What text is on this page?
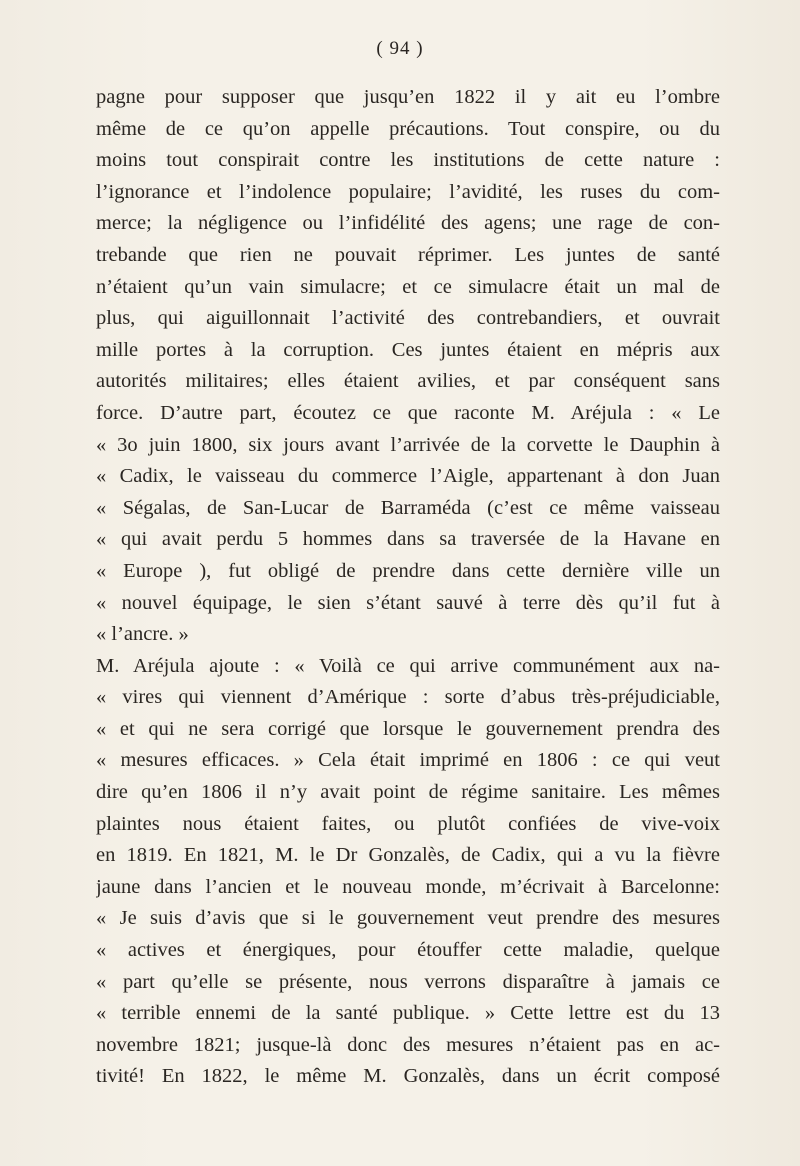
( 94 )
pagne pour supposer que jusqu’en 1822 il y ait eu l’ombre
même de ce qu’on appelle précautions. Tout conspire, ou du
moins tout conspirait contre les institutions de cette nature :
l’ignorance et l’indolence populaire; l’avidité, les ruses du com-
merce; la négligence ou l’infidélité des agens; une rage de con-
trebande que rien ne pouvait réprimer. Les juntes de santé
n’étaient qu’un vain simulacre; et ce simulacre était un mal de
plus, qui aiguillonnait l’activité des contrebandiers, et ouvrait
mille portes à la corruption. Ces juntes étaient en mépris aux
autorités militaires; elles étaient avilies, et par conséquent sans
force. D’autre part, écoutez ce que raconte M. Aréjula : « Le
« 3o juin 1800, six jours avant l’arrivée de la corvette le Dauphin à
« Cadix, le vaisseau du commerce l’Aigle, appartenant à don Juan
« Ségalas, de San-Lucar de Barraméda (c’est ce même vaisseau
« qui avait perdu 5 hommes dans sa traversée de la Havane en
« Europe ), fut obligé de prendre dans cette dernière ville un
« nouvel équipage, le sien s’étant sauvé à terre dès qu’il fut à
« l’ancre. »
M. Aréjula ajoute : « Voilà ce qui arrive communément aux na-
« vires qui viennent d’Amérique : sorte d’abus très-préjudiciable,
« et qui ne sera corrigé que lorsque le gouvernement prendra des
« mesures efficaces. » Cela était imprimé en 1806 : ce qui veut
dire qu’en 1806 il n’y avait point de régime sanitaire. Les mêmes
plaintes nous étaient faites, ou plutôt confiées de vive-voix
en 1819. En 1821, M. le Dr Gonzalès, de Cadix, qui a vu la fièvre
jaune dans l’ancien et le nouveau monde, m’écrivait à Barcelonne:
« Je suis d’avis que si le gouvernement veut prendre des mesures
« actives et énergiques, pour étouffer cette maladie, quelque
« part qu’elle se présente, nous verrons disparaître à jamais ce
« terrible ennemi de la santé publique. » Cette lettre est du 13
novembre 1821; jusque-là donc des mesures n’étaient pas en ac-
tivité! En 1822, le même M. Gonzalès, dans un écrit composé
